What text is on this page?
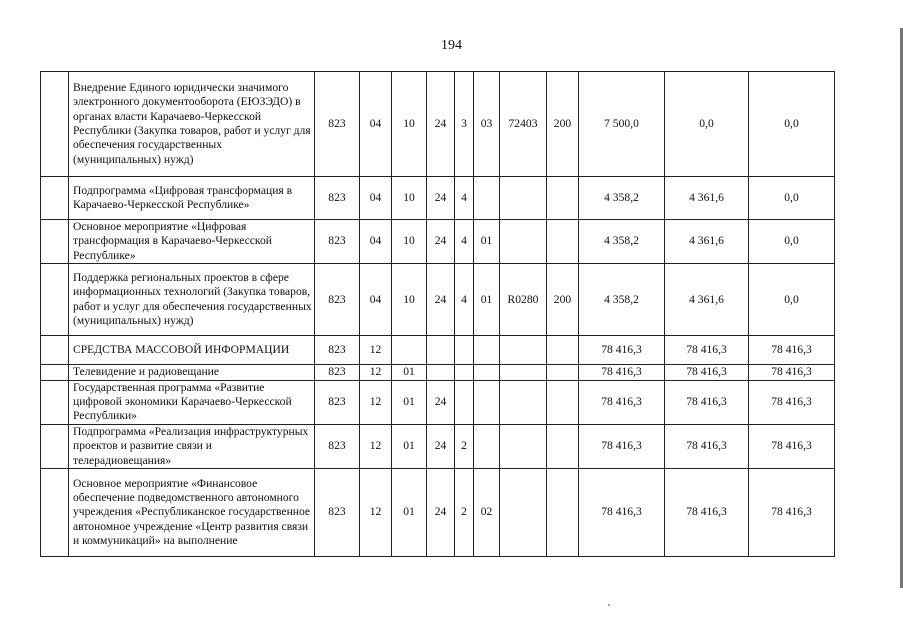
194
	Внедрение Единого юридически значимого электронного документооборота (ЕЮЗЭДО) в органах власти Карачаево-Черкесской Республики (Закупка товаров, работ и услуг для обеспечения государственных (муниципальных) нужд)	823	04	10	24	3	03	72403	200	7 500,0	0,0	0,0
	Подпрограмма «Цифровая трансформация в Карачаево-Черкесской Республике»	823	04	10	24	4				4 358,2	4 361,6	0,0
	Основное мероприятие «Цифровая трансформация в Карачаево-Черкесской Республике»	823	04	10	24	4	01			4 358,2	4 361,6	0,0
	Поддержка региональных проектов в сфере информационных технологий (Закупка товаров, работ и услуг для обеспечения государственных (муниципальных) нужд)	823	04	10	24	4	01	R0280	200	4 358,2	4 361,6	0,0
	СРЕДСТВА МАССОВОЙ ИНФОРМАЦИИ	823	12							78 416,3	78 416,3	78 416,3
	Телевидение и радиовещание	823	12	01						78 416,3	78 416,3	78 416,3
	Государственная программа «Развитие цифровой экономики Карачаево-Черкесской Республики»	823	12	01	24					78 416,3	78 416,3	78 416,3
	Подпрограмма «Реализация инфраструктурных проектов и развитие связи и телерадиовещания»	823	12	01	24	2				78 416,3	78 416,3	78 416,3
	Основное мероприятие «Финансовое обеспечение подведомственного автономного учреждения «Республиканское государственное автономное учреждение «Центр развития связи и коммуникаций» на выполнение	823	12	01	24	2	02			78 416,3	78 416,3	78 416,3
